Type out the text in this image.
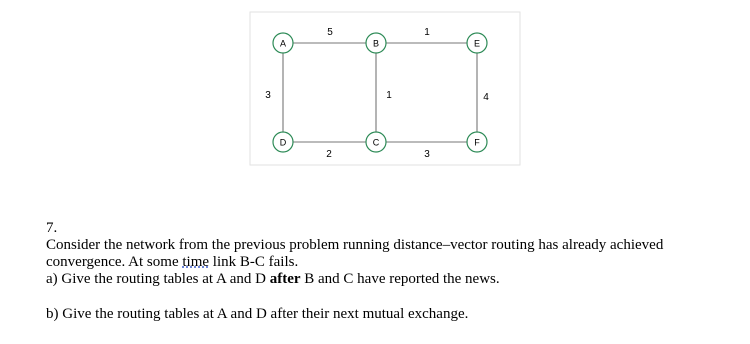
5	1
3	1	4
2	3
A	B	E
D	C	F

7.

Consider the network from the previous problem running distance–vector routing has already achieved

convergence. At some time link B-C fails.

a) Give the routing tables at A and D after B and C have reported the news.

b) Give the routing tables at A and D after their next mutual exchange.
